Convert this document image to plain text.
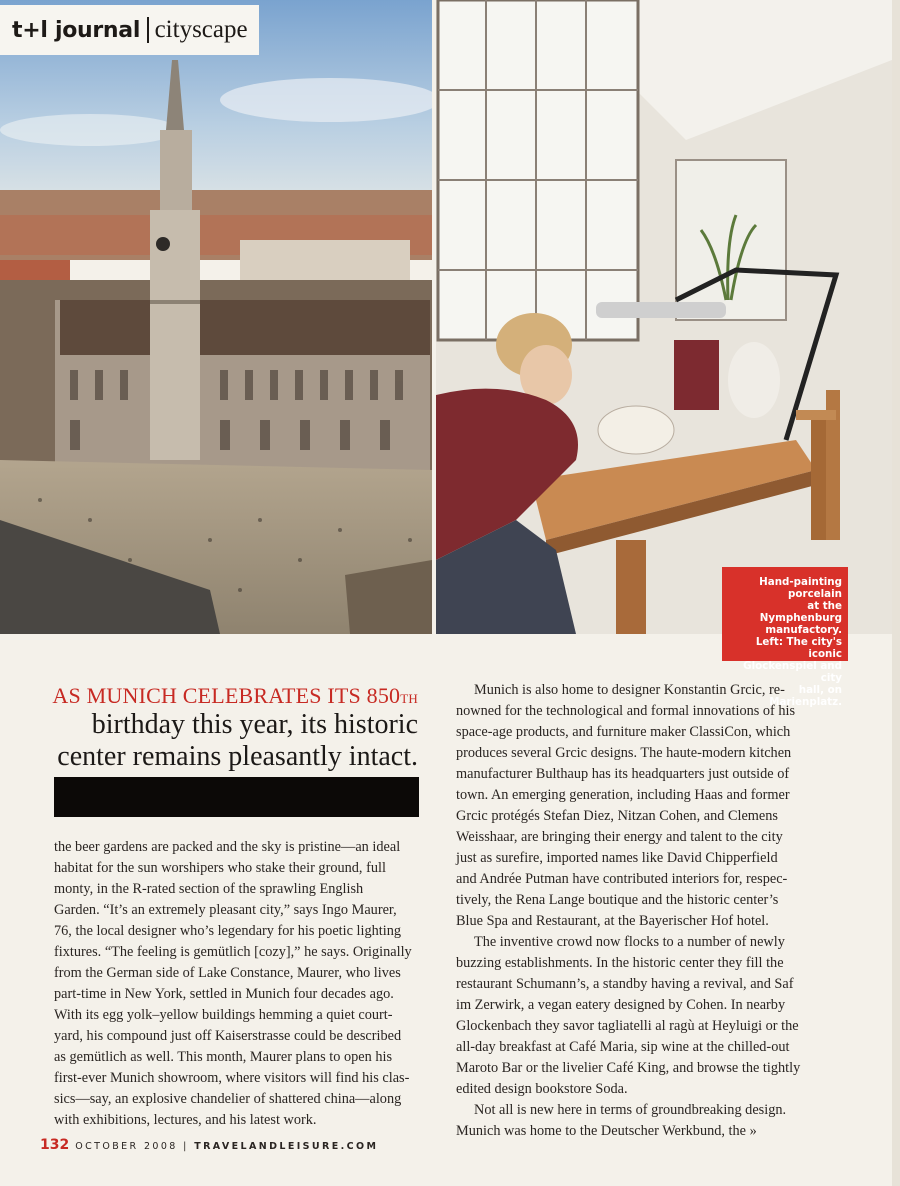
t+l journal cityscape
Hand-painting porcelain
at the Nymphenburg
manufactory.
Left: The city's iconic
Glockenspiel and city
hall, on Marienplatz.
AS MUNICH CELEBRATES ITS 850TH
birthday this year, its historic
center remains pleasantly intact.
the beer gardens are packed and the sky is pristine—an ideal
habitat for the sun worshipers who stake their ground, full
monty, in the R-rated section of the sprawling English
Garden. “It’s an extremely pleasant city,” says Ingo Maurer,
76, the local designer who’s legendary for his poetic lighting
fixtures. “The feeling is gemütlich [cozy],” he says. Originally
from the German side of Lake Constance, Maurer, who lives
part-time in New York, settled in Munich four decades ago.
With its egg yolk–yellow buildings hemming a quiet court-
yard, his compound just off Kaiserstrasse could be described
as gemütlich as well. This month, Maurer plans to open his
first-ever Munich showroom, where visitors will find his clas-
sics—say, an explosive chandelier of shattered china—along
with exhibitions, lectures, and his latest work.
Munich is also home to designer Konstantin Grcic, re-
nowned for the technological and formal innovations of his
space-age products, and furniture maker ClassiCon, which
produces several Grcic designs. The haute-modern kitchen
manufacturer Bulthaup has its headquarters just outside of
town. An emerging generation, including Haas and former
Grcic protégés Stefan Diez, Nitzan Cohen, and Clemens
Weisshaar, are bringing their energy and talent to the city
just as surefire, imported names like David Chipperfield
and Andrée Putman have contributed interiors for, respec-
tively, the Rena Lange boutique and the historic center’s
Blue Spa and Restaurant, at the Bayerischer Hof hotel.
The inventive crowd now flocks to a number of newly
buzzing establishments. In the historic center they fill the
restaurant Schumann’s, a standby having a revival, and Saf
im Zerwirk, a vegan eatery designed by Cohen. In nearby
Glockenbach they savor tagliatelli al ragù at Heyluigi or the
all-day breakfast at Café Maria, sip wine at the chilled-out
Maroto Bar or the livelier Café King, and browse the tightly
edited design bookstore Soda.
Not all is new here in terms of groundbreaking design.
Munich was home to the Deutscher Werkbund, the »
132 OCTOBER 2008 | TRAVELANDLEISURE.COM
